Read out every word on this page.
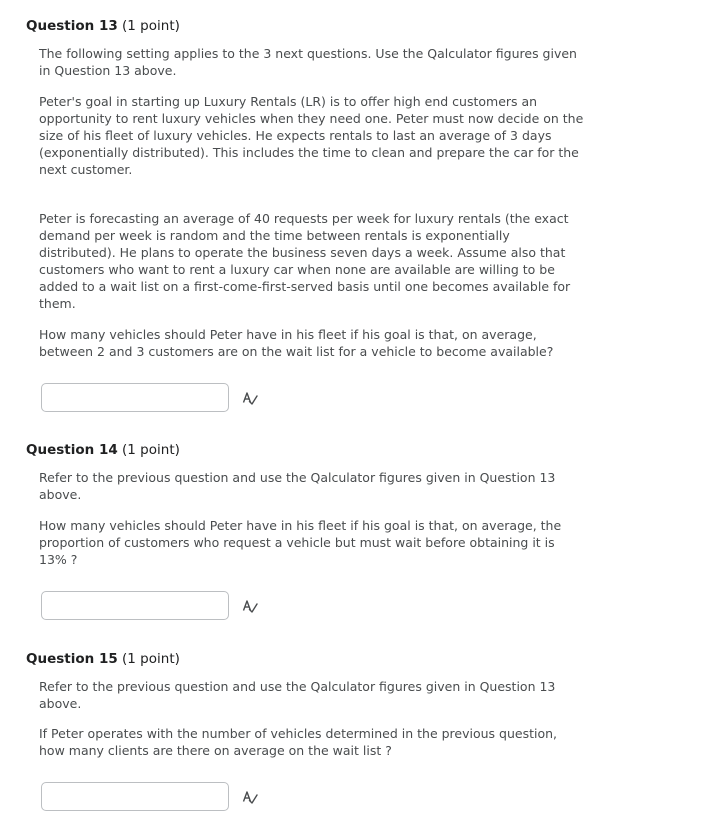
Question 13 (1 point)

The following setting applies to the 3 next questions. Use the Qalculator figures given in Question 13 above.

Peter's goal in starting up Luxury Rentals (LR) is to offer high end customers an opportunity to rent luxury vehicles when they need one. Peter must now decide on the size of his fleet of luxury vehicles. He expects rentals to last an average of 3 days (exponentially distributed). This includes the time to clean and prepare the car for the next customer.

Peter is forecasting an average of 40 requests per week for luxury rentals (the exact demand per week is random and the time between rentals is exponentially distributed). He plans to operate the business seven days a week. Assume also that customers who want to rent a luxury car when none are available are willing to be added to a wait list on a first-come-first-served basis until one becomes available for them.

How many vehicles should Peter have in his fleet if his goal is that, on average, between 2 and 3 customers are on the wait list for a vehicle to become available?

Question 14 (1 point)

Refer to the previous question and use the Qalculator figures given in Question 13 above.

How many vehicles should Peter have in his fleet if his goal is that, on average, the proportion of customers who request a vehicle but must wait before obtaining it is 13% ?

Question 15 (1 point)

Refer to the previous question and use the Qalculator figures given in Question 13 above.

If Peter operates with the number of vehicles determined in the previous question, how many clients are there on average on the wait list ?
